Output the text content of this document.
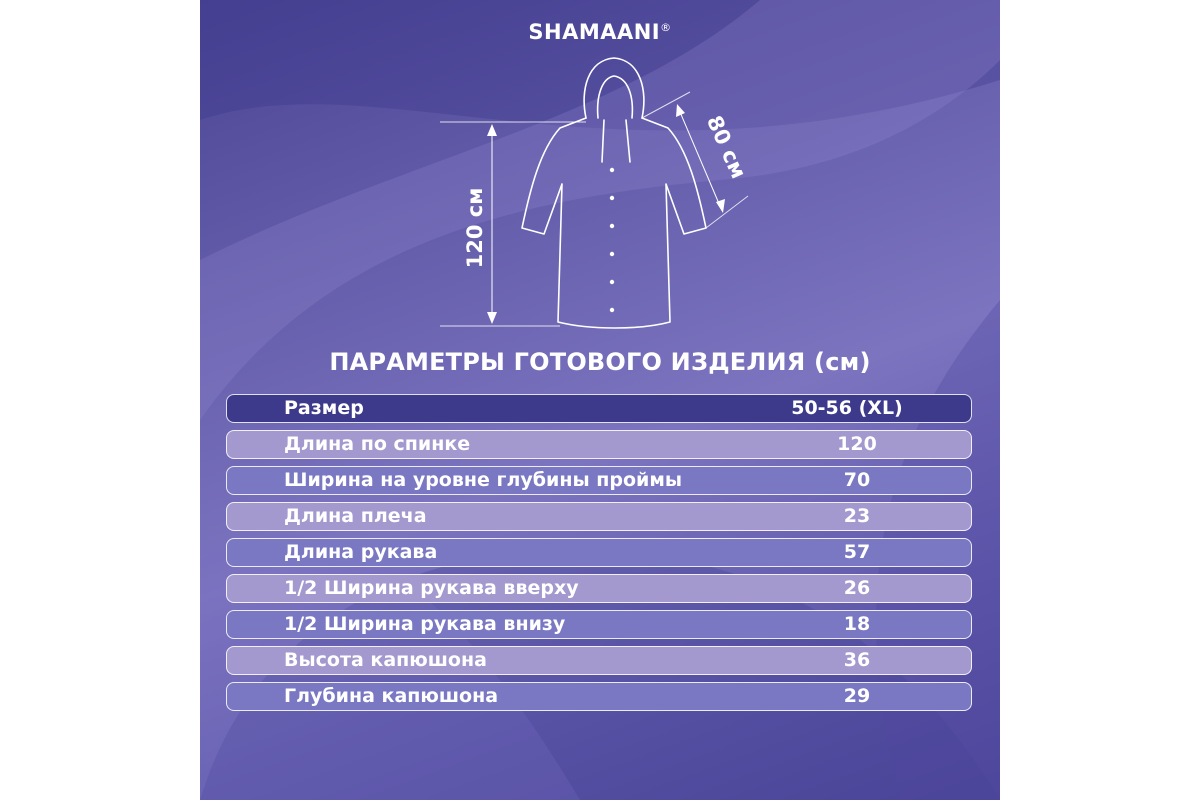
SHAMAANI®
120 см
80 см
ПАРАМЕТРЫ ГОТОВОГО ИЗДЕЛИЯ (см)
Размер	50-56 (XL)
Длина по спинке	120
Ширина на уровне глубины проймы	70
Длина плеча	23
Длина рукава	57
1/2 Ширина рукава вверху	26
1/2 Ширина рукава внизу	18
Высота капюшона	36
Глубина капюшона	29
